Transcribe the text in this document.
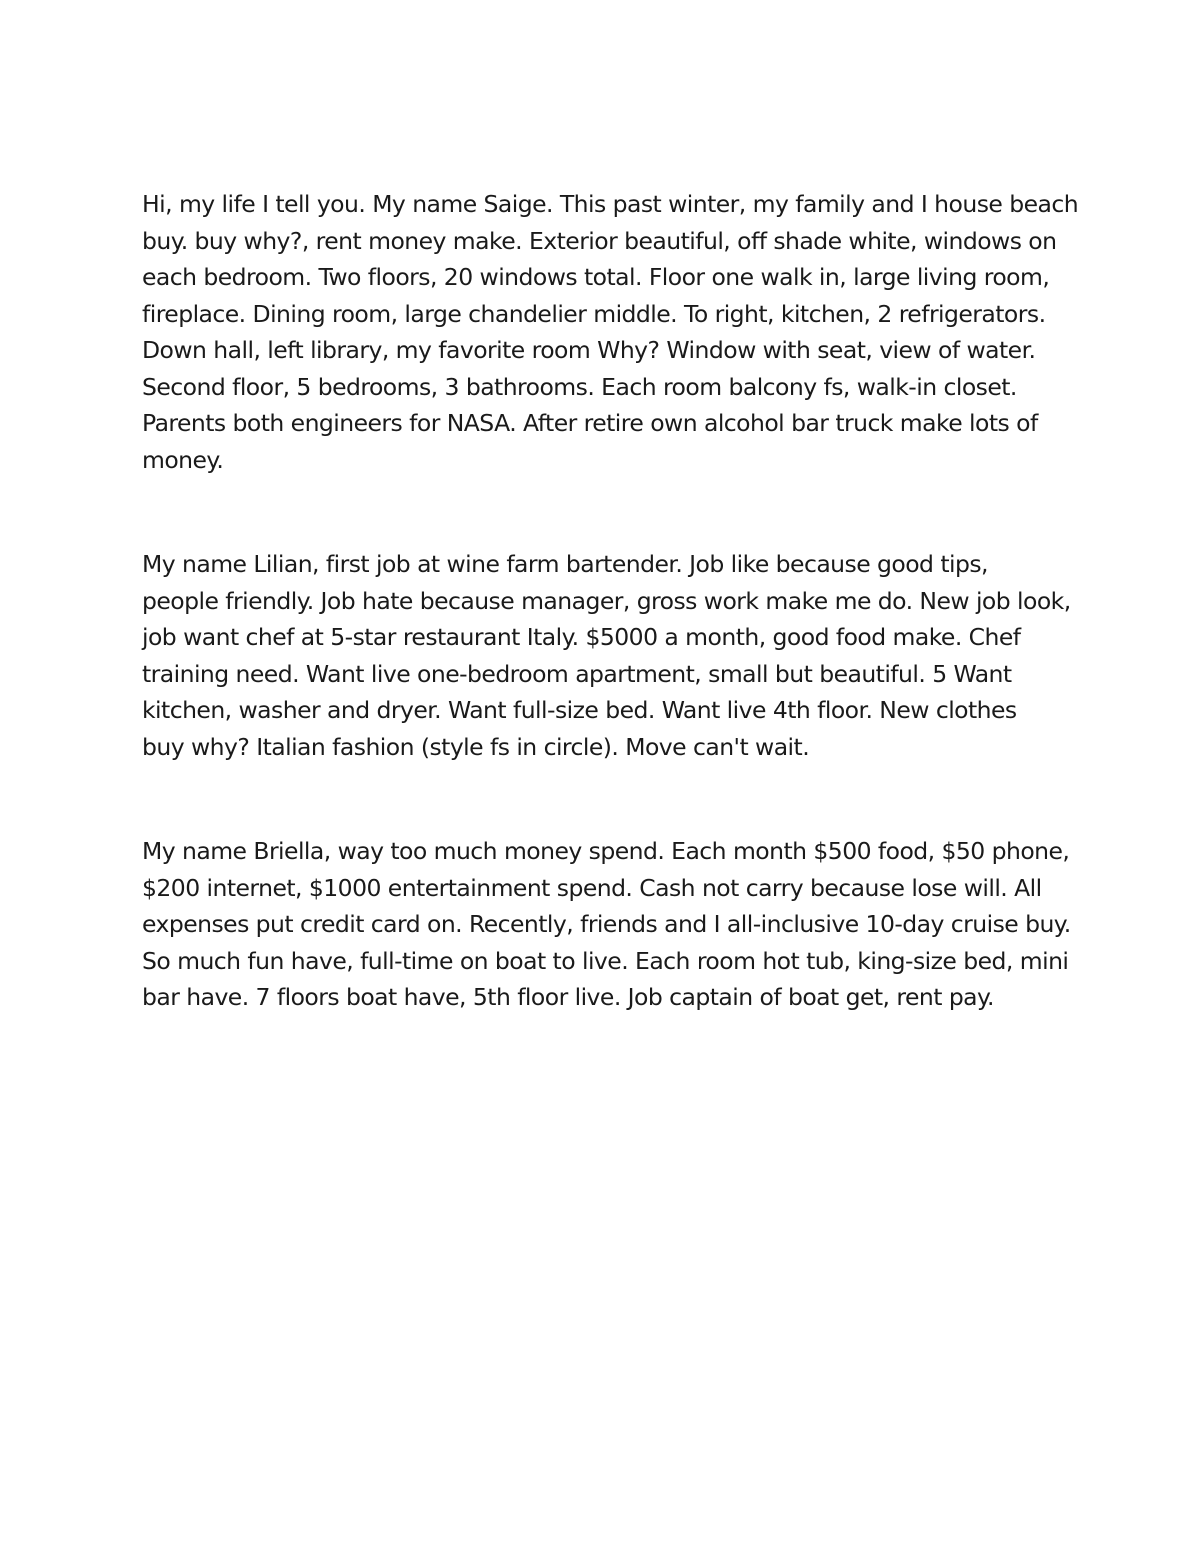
Hi, my life I tell you. My name Saige. This past winter, my family and I house beach
buy. buy why?, rent money make. Exterior beautiful, off shade white, windows on
each bedroom. Two floors, 20 windows total. Floor one walk in, large living room,
fireplace. Dining room, large chandelier middle. To right, kitchen, 2 refrigerators.
Down hall, left library, my favorite room Why? Window with seat, view of water.
Second floor, 5 bedrooms, 3 bathrooms. Each room balcony fs, walk-in closet.
Parents both engineers for NASA. After retire own alcohol bar truck make lots of
money.
My name Lilian, first job at wine farm bartender. Job like because good tips,
people friendly. Job hate because manager, gross work make me do. New job look,
job want chef at 5-star restaurant Italy. $5000 a month, good food make. Chef
training need. Want live one-bedroom apartment, small but beautiful. 5 Want
kitchen, washer and dryer. Want full-size bed. Want live 4th floor. New clothes
buy why? Italian fashion (style fs in circle). Move can't wait.
My name Briella, way too much money spend. Each month $500 food, $50 phone,
$200 internet, $1000 entertainment spend. Cash not carry because lose will. All
expenses put credit card on. Recently, friends and I all-inclusive 10-day cruise buy.
So much fun have, full-time on boat to live. Each room hot tub, king-size bed, mini
bar have. 7 floors boat have, 5th floor live. Job captain of boat get, rent pay.
